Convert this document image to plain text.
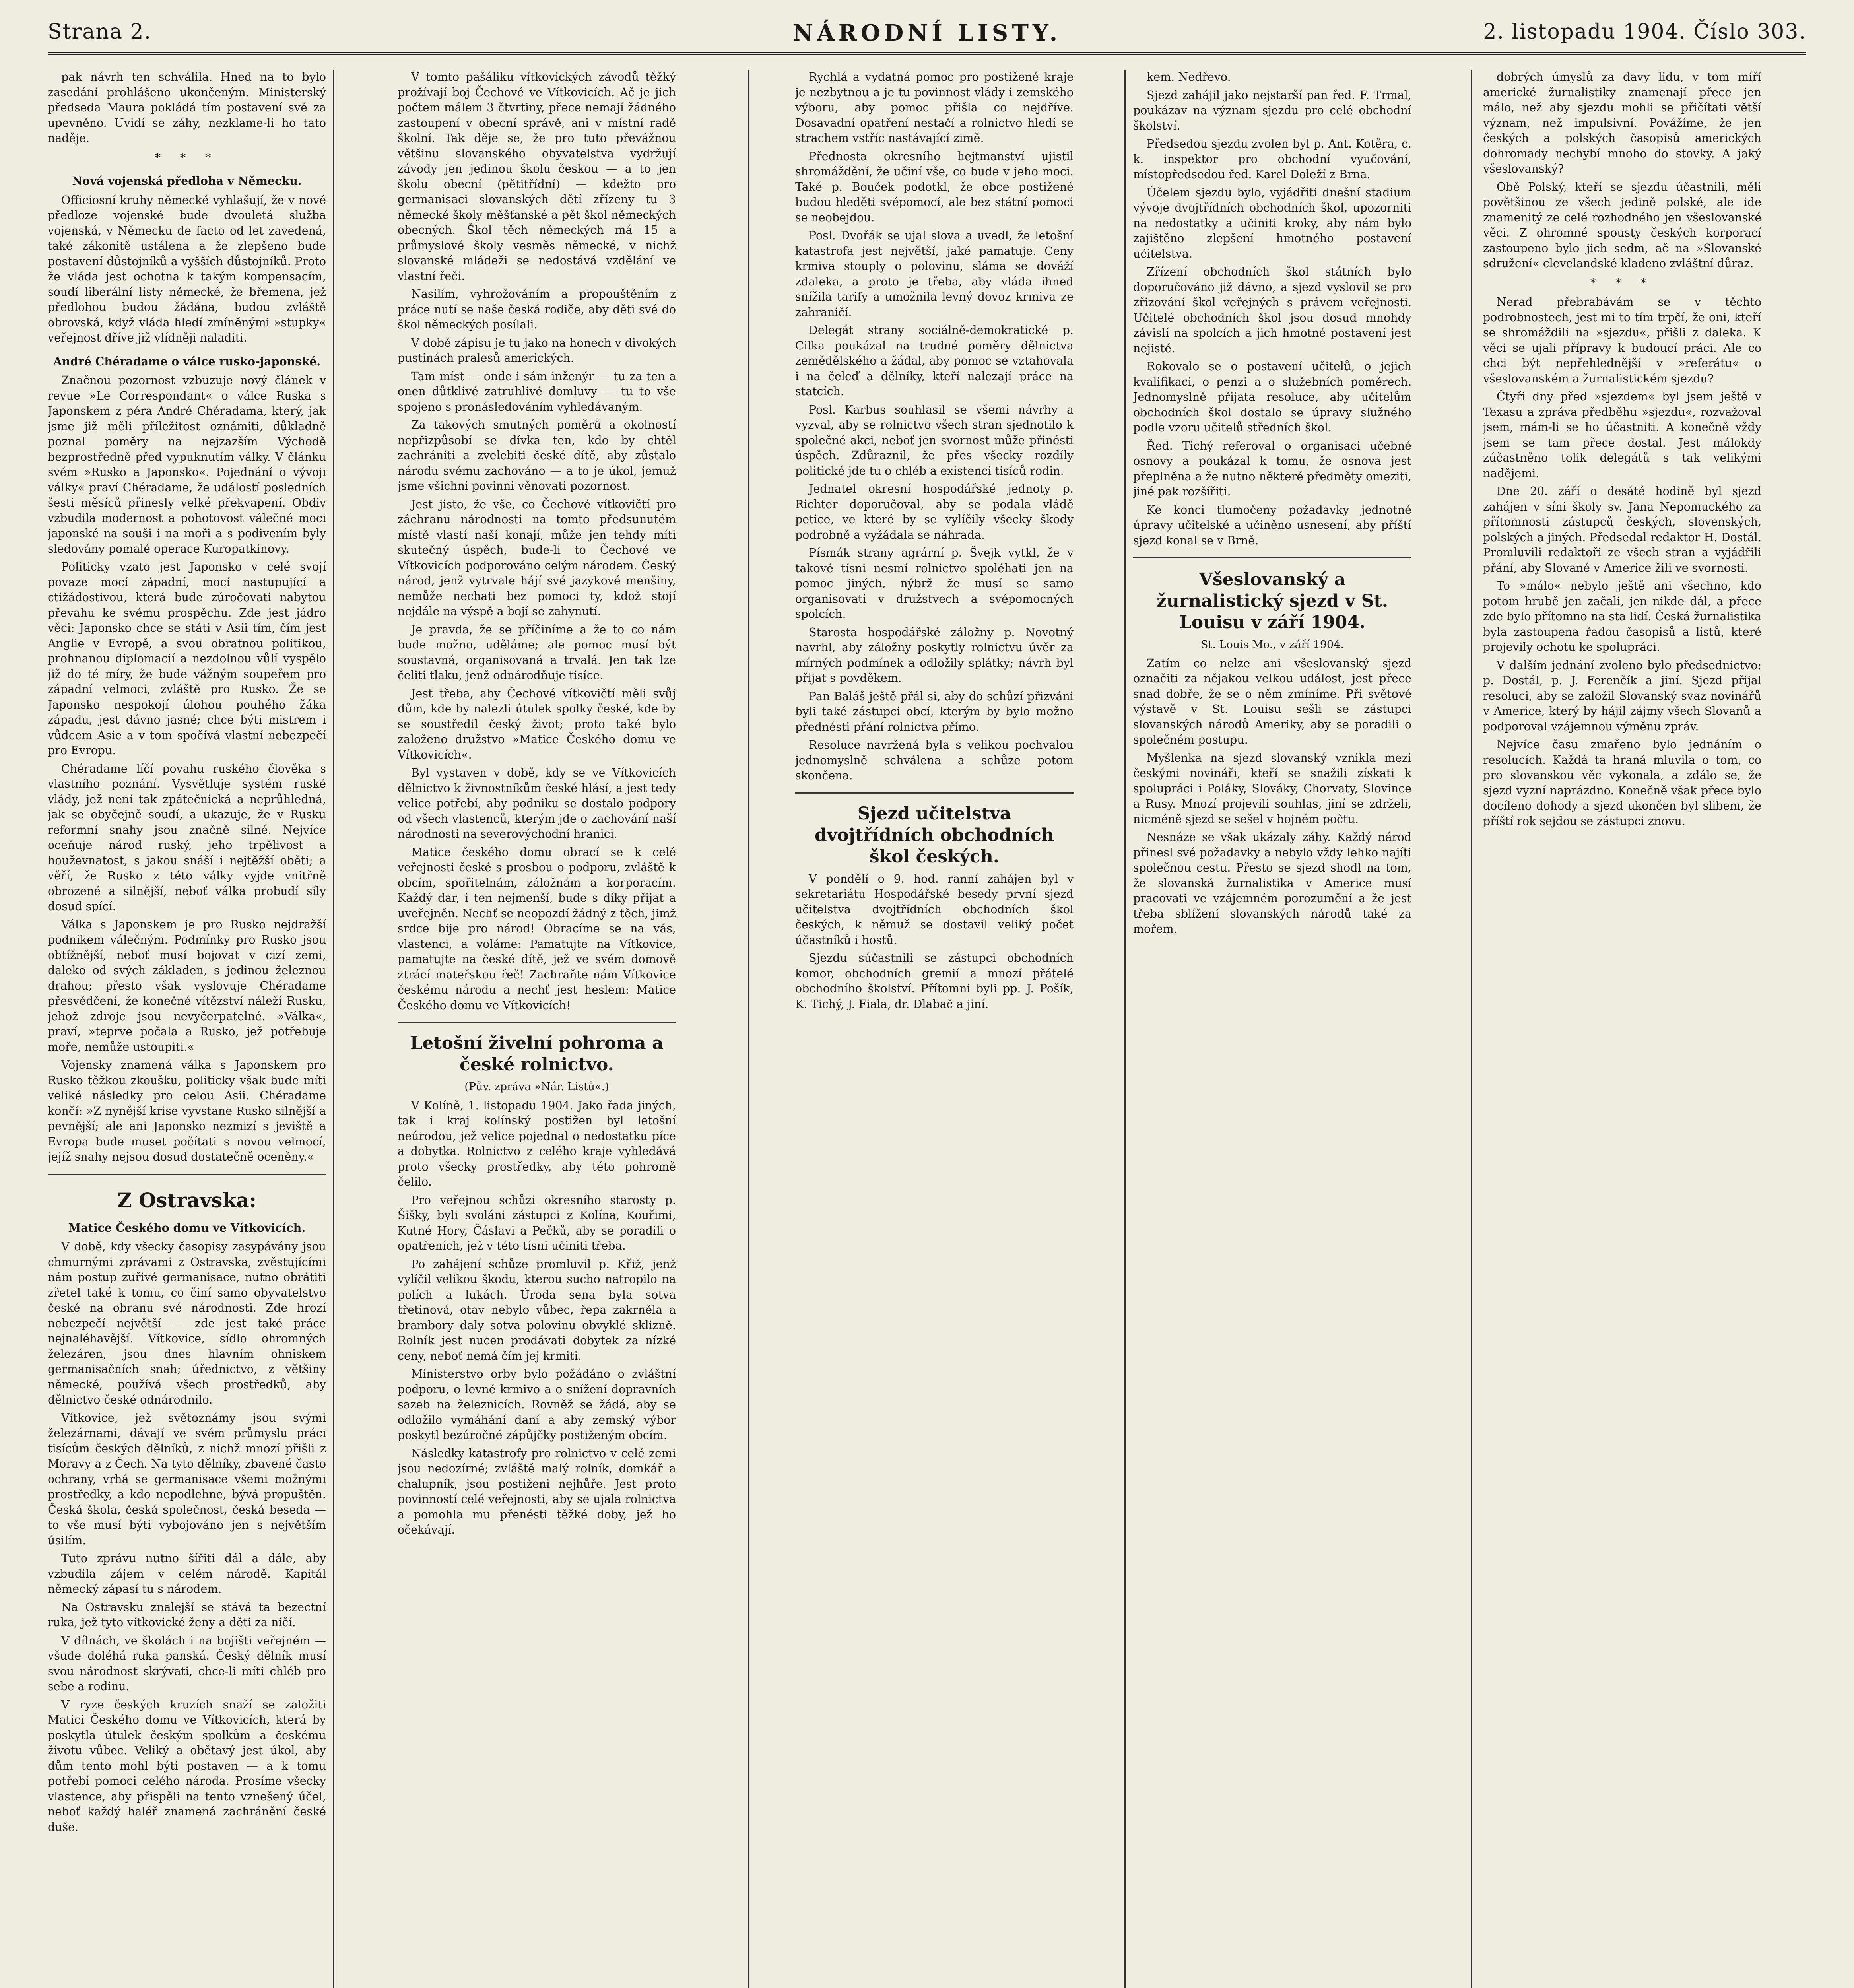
Strana 2.	NÁRODNÍ LISTY.	2. listopadu 1904. Číslo 303.

pak návrh ten schválila. Hned na to bylo zasedání prohlášeno ukončeným. Ministerský předseda Maura pokládá tím postavení své za upevněno. Uvidí se záhy, nezklame-li ho tato naděje.

* * *
Nová vojenská předloha v Německu.

Officiosní kruhy německé vyhlašují, že v nové předloze vojenské bude dvouletá služba vojenská, v Německu de facto od let zavedená, také zákonitě ustálena a že zlepšeno bude postavení důstojníků a vyšších důstojníků. Proto že vláda jest ochotna k takým kompensacím, soudí liberální listy německé, že břemena, jež předlohou budou žádána, budou zvláště obrovská, když vláda hledí zmíněnými »stupky« veřejnost dříve již vlídněji naladiti.

André Chéradame o válce rusko-japonské.

Značnou pozornost vzbuzuje nový článek v revue »Le Correspondant« o válce Ruska s Japonskem z péra André Chéradama, který, jak jsme již měli příležitost oznámiti, důkladně poznal poměry na nejzazším Východě bezprostředně před vypuknutím války. V článku svém »Rusko a Japonsko«. Pojednání o vývoji války« praví Chéradame, že událostí posledních šesti měsíců přinesly velké překvapení. Obdiv vzbudila modernost a pohotovost válečné moci japonské na souši i na moři a s podivením byly sledovány pomalé operace Kuropatkinovy.

Politicky vzato jest Japonsko v celé svojí povaze mocí západní, mocí nastupující a ctižádostivou, která bude zúročovati nabytou převahu ke svému prospěchu. Zde jest jádro věci: Japonsko chce se státi v Asii tím, čím jest Anglie v Evropě, a svou obratnou politikou, prohnanou diplomacií a nezdolnou vůlí vyspělo již do té míry, že bude vážným soupeřem pro západní velmoci, zvláště pro Rusko. Že se Japonsko nespokojí úlohou pouhého žáka západu, jest dávno jasné; chce býti mistrem i vůdcem Asie a v tom spočívá vlastní nebezpečí pro Evropu.

Chéradame líčí povahu ruského člověka s vlastního poznání. Vysvětluje systém ruské vlády, jež není tak zpátečnická a neprůhledná, jak se obyčejně soudí, a ukazuje, že v Rusku reformní snahy jsou značně silné. Nejvíce oceňuje národ ruský, jeho trpělivost a houževnatost, s jakou snáší i nejtěžší oběti; a věří, že Rusko z této války vyjde vnitřně obrozené a silnější, neboť válka probudí síly dosud spící.

Válka s Japonskem je pro Rusko nejdražší podnikem válečným. Podmínky pro Rusko jsou obtížnější, neboť musí bojovat v cizí zemi, daleko od svých základen, s jedinou železnou drahou; přesto však vyslovuje Chéradame přesvědčení, že konečné vítězství náleží Rusku, jehož zdroje jsou nevyčerpatelné. »Válka«, praví, »teprve počala a Rusko, jež potřebuje moře, nemůže ustoupiti.«

Vojensky znamená válka s Japonskem pro Rusko těžkou zkoušku, politicky však bude míti veliké následky pro celou Asii. Chéradame končí: »Z nynější krise vyvstane Rusko silnější a pevnější; ale ani Japonsko nezmizí s jeviště a Evropa bude muset počítati s novou velmocí, jejíž snahy nejsou dosud dostatečně oceněny.«

Z Ostravska:
Matice Českého domu ve Vítkovicích.

V době, kdy všecky časopisy zasypávány jsou chmurnými zprávami z Ostravska, zvěstujícími nám postup zuřivé germanisace, nutno obrátiti zřetel také k tomu, co činí samo obyvatelstvo české na obranu své národnosti. Zde hrozí nebezpečí největší — zde jest také práce nejnaléhavější. Vítkovice, sídlo ohromných železáren, jsou dnes hlavním ohniskem germanisačních snah; úřednictvo, z většiny německé, používá všech prostředků, aby dělnictvo české odnárodnilo.

Vítkovice, jež světoznámy jsou svými železárnami, dávají ve svém průmyslu práci tisícům českých dělníků, z nichž mnozí přišli z Moravy a z Čech. Na tyto dělníky, zbavené často ochrany, vrhá se germanisace všemi možnými prostředky, a kdo nepodlehne, bývá propuštěn. Česká škola, česká společnost, česká beseda — to vše musí býti vybojováno jen s největším úsilím.

Tuto zprávu nutno šířiti dál a dále, aby vzbudila zájem v celém národě. Kapitál německý zápasí tu s národem.

Na Ostravsku znalejší se stává ta bezectní ruka, jež tyto vítkovické ženy a děti za ničí.

V dílnách, ve školách i na bojišti veřejném — všude doléhá ruka panská. Český dělník musí svou národnost skrývati, chce-li míti chléb pro sebe a rodinu.

V ryze českých kruzích snaží se založiti Matici Českého domu ve Vítkovicích, která by poskytla útulek českým spolkům a českému životu vůbec. Veliký a obětavý jest úkol, aby dům tento mohl býti postaven — a k tomu potřebí pomoci celého národa. Prosíme všecky vlastence, aby přispěli na tento vznešený účel, neboť každý haléř znamená zachránění české duše.

V tomto pašáliku vítkovických závodů těžký prožívají boj Čechové ve Vítkovicích. Ač je jich počtem málem 3 čtvrtiny, přece nemají žádného zastoupení v obecní správě, ani v místní radě školní. Tak děje se, že pro tuto převážnou většinu slovanského obyvatelstva vydržují závody jen jedinou školu českou — a to jen školu obecní (pětitřídní) — kdežto pro germanisaci slovanských dětí zřízeny tu 3 německé školy měšťanské a pět škol německých obecných. Škol těch německých má 15 a průmyslové školy vesměs německé, v nichž slovanské mládeži se nedostává vzdělání ve vlastní řeči.

Nasilím, vyhrožováním a propouštěním z práce nutí se naše česká rodiče, aby děti své do škol německých posílali.

V době zápisu je tu jako na honech v divokých pustinách pralesů amerických.

Tam míst — onde i sám inženýr — tu za ten a onen důtklivé zatruhlivé domluvy — tu to vše spojeno s pronásledováním vyhledávaným.

Za takových smutných poměrů a okolností nepřizpůsobí se dívka ten, kdo by chtěl zachrániti a zvelebiti české dítě, aby zůstalo národu svému zachováno — a to je úkol, jemuž jsme všichni povinni věnovati pozornost.

Jest jisto, že vše, co Čechové vítkovičtí pro záchranu národnosti na tomto předsunutém místě vlastí naší konají, může jen tehdy míti skutečný úspěch, bude-li to Čechové ve Vítkovicích podporováno celým národem. Český národ, jenž vytrvale hájí své jazykové menšiny, nemůže nechati bez pomoci ty, kdož stojí nejdále na výspě a bojí se zahynutí.

Je pravda, že se příčiníme a že to co nám bude možno, uděláme; ale pomoc musí být soustavná, organisovaná a trvalá. Jen tak lze čeliti tlaku, jenž odnárodňuje tisíce.

Jest třeba, aby Čechové vítkovičtí měli svůj dům, kde by nalezli útulek spolky české, kde by se soustředil český život; proto také bylo založeno družstvo »Matice Českého domu ve Vítkovicích«.

Byl vystaven v době, kdy se ve Vítkovicích dělnictvo k živnostníkům české hlásí, a jest tedy velice potřebí, aby podniku se dostalo podpory od všech vlastenců, kterým jde o zachování naší národnosti na severovýchodní hranici.

Matice českého domu obrací se k celé veřejnosti české s prosbou o podporu, zvláště k obcím, spořitelnám, záložnám a korporacím. Každý dar, i ten nejmenší, bude s díky přijat a uveřejněn. Nechť se neopozdí žádný z těch, jimž srdce bije pro národ! Obracíme se na vás, vlastenci, a voláme: Pamatujte na Vítkovice, pamatujte na české dítě, jež ve svém domově ztrácí mateřskou řeč! Zachraňte nám Vítkovice českému národu a nechť jest heslem: Matice Českého domu ve Vítkovicích!

Letošní živelní pohroma a české rolnictvo.
(Pův. zpráva »Nár. Listů«.)

V Kolíně, 1. listopadu 1904. Jako řada jiných, tak i kraj kolínský postižen byl letošní neúrodou, jež velice pojednal o nedostatku píce a dobytka. Rolnictvo z celého kraje vyhledává proto všecky prostředky, aby této pohromě čelilo.

Pro veřejnou schůzi okresního starosty p. Šišky, byli svoláni zástupci z Kolína, Kouřimi, Kutné Hory, Čáslavi a Pečků, aby se poradili o opatřeních, jež v této tísni učiniti třeba.

Po zahájení schůze promluvil p. Křiž, jenž vylíčil velikou škodu, kterou sucho natropilo na polích a lukách. Úroda sena byla sotva třetinová, otav nebylo vůbec, řepa zakrněla a brambory daly sotva polovinu obvyklé sklizně. Rolník jest nucen prodávati dobytek za nízké ceny, neboť nemá čím jej krmiti.

Ministerstvo orby bylo požádáno o zvláštní podporu, o levné krmivo a o snížení dopravních sazeb na železnicích. Rovněž se žádá, aby se odložilo vymáhání daní a aby zemský výbor poskytl bezúročné zápůjčky postiženým obcím.

Následky katastrofy pro rolnictvo v celé zemi jsou nedozírné; zvláště malý rolník, domkář a chalupník, jsou postiženi nejhůře. Jest proto povinností celé veřejnosti, aby se ujala rolnictva a pomohla mu přenésti těžké doby, jež ho očekávají.

Rychlá a vydatná pomoc pro postižené kraje je nezbytnou a je tu povinnost vlády i zemského výboru, aby pomoc přišla co nejdříve. Dosavadní opatření nestačí a rolnictvo hledí se strachem vstříc nastávající zimě.

Přednosta okresního hejtmanství ujistil shromáždění, že učiní vše, co bude v jeho moci. Také p. Bouček podotkl, že obce postižené budou hleděti svépomocí, ale bez státní pomoci se neobejdou.

Posl. Dvořák se ujal slova a uvedl, že letošní katastrofa jest největší, jaké pamatuje. Ceny krmiva stouply o polovinu, sláma se dováží zdaleka, a proto je třeba, aby vláda ihned snížila tarify a umožnila levný dovoz krmiva ze zahraničí.

Delegát strany sociálně-demokratické p. Cilka poukázal na trudné poměry dělnictva zemědělského a žádal, aby pomoc se vztahovala i na čeleď a dělníky, kteří nalezají práce na statcích.

Posl. Karbus souhlasil se všemi návrhy a vyzval, aby se rolnictvo všech stran sjednotilo k společné akci, neboť jen svornost může přinésti úspěch. Zdůraznil, že přes všecky rozdíly politické jde tu o chléb a existenci tisíců rodin.

Jednatel okresní hospodářské jednoty p. Richter doporučoval, aby se podala vládě petice, ve které by se vylíčily všecky škody podrobně a vyžádala se náhrada.

Písmák strany agrární p. Švejk vytkl, že v takové tísni nesmí rolnictvo spoléhati jen na pomoc jiných, nýbrž že musí se samo organisovati v družstvech a svépomocných spolcích.

Starosta hospodářské záložny p. Novotný navrhl, aby záložny poskytly rolnictvu úvěr za mírných podmínek a odložily splátky; návrh byl přijat s povděkem.

Pan Baláš ještě přál si, aby do schůzí přizváni byli také zástupci obcí, kterým by bylo možno přednésti přání rolnictva přímo.

Resoluce navržená byla s velikou pochvalou jednomyslně schválena a schůze potom skončena.

Sjezd učitelstva dvojtřídních obchodních škol českých.

V pondělí o 9. hod. ranní zahájen byl v sekretariátu Hospodářské besedy první sjezd učitelstva dvojtřídních obchodních škol českých, k němuž se dostavil veliký počet účastníků i hostů.

Sjezdu súčastnili se zástupci obchodních komor, obchodních gremií a mnozí přátelé obchodního školství. Přítomni byli pp. J. Pošík, K. Tichý, J. Fiala, dr. Dlabač a jiní.

kem. Nedřevo.

Sjezd zahájil jako nejstarší pan řed. F. Trmal, poukázav na význam sjezdu pro celé obchodní školství.

Předsedou sjezdu zvolen byl p. Ant. Kotěra, c. k. inspektor pro obchodní vyučování, místopředsedou řed. Karel Doleží z Brna.

Účelem sjezdu bylo, vyjádřiti dnešní stadium vývoje dvojtřídních obchodních škol, upozorniti na nedostatky a učiniti kroky, aby nám bylo zajištěno zlepšení hmotného postavení učitelstva.

Zřízení obchodních škol státních bylo doporučováno již dávno, a sjezd vyslovil se pro zřizování škol veřejných s právem veřejnosti. Učitelé obchodních škol jsou dosud mnohdy závislí na spolcích a jich hmotné postavení jest nejisté.

Rokovalo se o postavení učitelů, o jejich kvalifikaci, o penzi a o služebních poměrech. Jednomyslně přijata resoluce, aby učitelům obchodních škol dostalo se úpravy služného podle vzoru učitelů středních škol.

Řed. Tichý referoval o organisaci učebné osnovy a poukázal k tomu, že osnova jest přeplněna a že nutno některé předměty omeziti, jiné pak rozšířiti.

Ke konci tlumočeny požadavky jednotné úpravy učitelské a učiněno usnesení, aby příští sjezd konal se v Brně.

Všeslovanský a žurnalistický sjezd v St. Louisu v září 1904.
St. Louis Mo., v září 1904.

Zatím co nelze ani všeslovanský sjezd označiti za nějakou velkou událost, jest přece snad dobře, že se o něm zmíníme. Při světové výstavě v St. Louisu sešli se zástupci slovanských národů Ameriky, aby se poradili o společném postupu.

Myšlenka na sjezd slovanský vznikla mezi českými novináři, kteří se snažili získati k spolupráci i Poláky, Slováky, Chorvaty, Slovince a Rusy. Mnozí projevili souhlas, jiní se zdrželi, nicméně sjezd se sešel v hojném počtu.

Nesnáze se však ukázaly záhy. Každý národ přinesl své požadavky a nebylo vždy lehko najíti společnou cestu. Přesto se sjezd shodl na tom, že slovanská žurnalistika v Americe musí pracovati ve vzájemném porozumění a že jest třeba sblížení slovanských národů také za mořem.

dobrých úmyslů za davy lidu, v tom míří americké žurnalistiky znamenají přece jen málo, než aby sjezdu mohli se přičítati větší význam, než impulsivní. Povážíme, že jen českých a polských časopisů amerických dohromady nechybí mnoho do stovky. A jaký všeslovanský?

Obě Polský, kteří se sjezdu účastnili, měli povětšinou ze všech jedině polské, ale ide znamenitý ze celé rozhodného jen všeslovanské věci. Z ohromné spousty českých korporací zastoupeno bylo jich sedm, ač na »Slovanské sdružení« clevelandské kladeno zvláštní důraz.

* * *

Nerad přebrabávám se v těchto podrobnostech, jest mi to tím trpčí, že oni, kteří se shromáždili na »sjezdu«, přišli z daleka. K věci se ujali přípravy k budoucí práci. Ale co chci být nepřehlednější v »referátu« o všeslovanském a žurnalistickém sjezdu?

Čtyři dny před »sjezdem« byl jsem ještě v Texasu a zpráva předběhu »sjezdu«, rozvažoval jsem, mám-li se ho účastniti. A konečně vždy jsem se tam přece dostal. Jest málokdy zúčastněno tolik delegátů s tak velikými nadějemi.

Dne 20. září o desáté hodině byl sjezd zahájen v síni školy sv. Jana Nepomuckého za přítomnosti zástupců českých, slovenských, polských a jiných. Předsedal redaktor H. Dostál. Promluvili redaktoři ze všech stran a vyjádřili přání, aby Slované v Americe žili ve svornosti.

To »málo« nebylo ještě ani všechno, kdo potom hrubě jen začali, jen nikde dál, a přece zde bylo přítomno na sta lidí. Česká žurnalistika byla zastoupena řadou časopisů a listů, které projevily ochotu ke spolupráci.

V dalším jednání zvoleno bylo předsednictvo: p. Dostál, p. J. Ferenčík a jiní. Sjezd přijal resoluci, aby se založil Slovanský svaz novinářů v Americe, který by hájil zájmy všech Slovanů a podporoval vzájemnou výměnu zpráv.

Nejvíce času zmařeno bylo jednáním o resolucích. Každá ta hraná mluvila o tom, co pro slovanskou věc vykonala, a zdálo se, že sjezd vyzní naprázdno. Konečně však přece bylo docíleno dohody a sjezd ukončen byl slibem, že příští rok sejdou se zástupci znovu.
